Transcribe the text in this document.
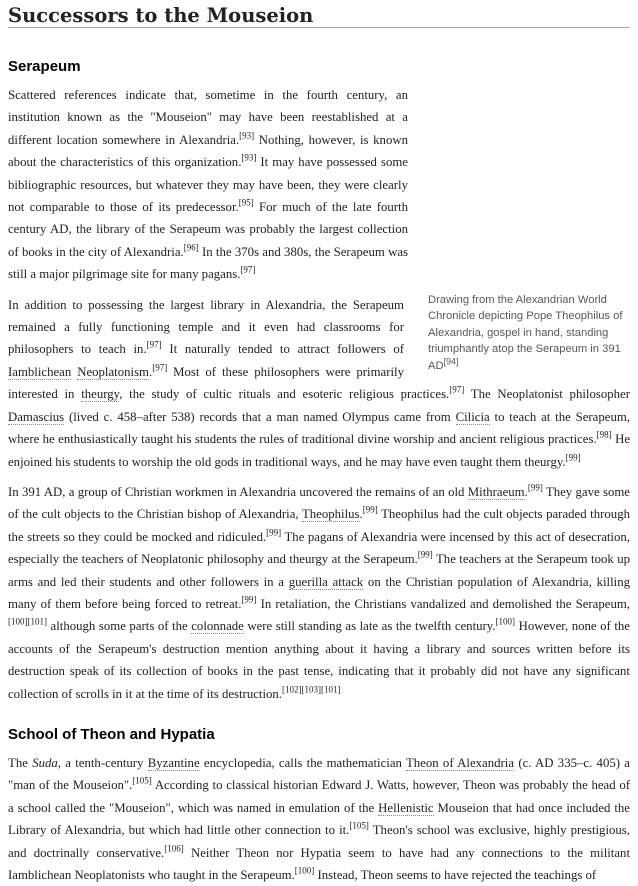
Successors to the Mouseion
Serapeum

Scattered references indicate that, sometime in the fourth century, an institution known as the "Mouseion" may have been reestablished at a different location somewhere in Alexandria.[93] Nothing, however, is known about the characteristics of this organization.[93] It may have possessed some bibliographic resources, but whatever they may have been, they were clearly not comparable to those of its predecessor.[95] For much of the late fourth century AD, the library of the Serapeum was probably the largest collection of books in the city of Alexandria.[96] In the 370s and 380s, the Serapeum was still a major pilgrimage site for many pagans.[97]

Drawing from the Alexandrian World Chronicle depicting Pope Theophilus of Alexandria, gospel in hand, standing triumphantly atop the Serapeum in 391 AD[94]

In addition to possessing the largest library in Alexandria, the Serapeum remained a fully functioning temple and it even had classrooms for philosophers to teach in.[97] It naturally tended to attract followers of Iamblichean Neoplatonism.[97] Most of these philosophers were primarily interested in theurgy, the study of cultic rituals and esoteric religious practices.[97] The Neoplatonist philosopher Damascius (lived c. 458–after 538) records that a man named Olympus came from Cilicia to teach at the Serapeum, where he enthusiastically taught his students the rules of traditional divine worship and ancient religious practices.[98] He enjoined his students to worship the old gods in traditional ways, and he may have even taught them theurgy.[99]

In 391 AD, a group of Christian workmen in Alexandria uncovered the remains of an old Mithraeum.[99] They gave some of the cult objects to the Christian bishop of Alexandria, Theophilus.[99] Theophilus had the cult objects paraded through the streets so they could be mocked and ridiculed.[99] The pagans of Alexandria were incensed by this act of desecration, especially the teachers of Neoplatonic philosophy and theurgy at the Serapeum.[99] The teachers at the Serapeum took up arms and led their students and other followers in a guerilla attack on the Christian population of Alexandria, killing many of them before being forced to retreat.[99] In retaliation, the Christians vandalized and demolished the Serapeum,[100][101] although some parts of the colonnade were still standing as late as the twelfth century.[100] However, none of the accounts of the Serapeum's destruction mention anything about it having a library and sources written before its destruction speak of its collection of books in the past tense, indicating that it probably did not have any significant collection of scrolls in it at the time of its destruction.[102][103][101]

School of Theon and Hypatia

The Suda, a tenth-century Byzantine encyclopedia, calls the mathematician Theon of Alexandria (c. AD 335–c. 405) a "man of the Mouseion".[105] According to classical historian Edward J. Watts, however, Theon was probably the head of a school called the "Mouseion", which was named in emulation of the Hellenistic Mouseion that had once included the Library of Alexandria, but which had little other connection to it.[105] Theon's school was exclusive, highly prestigious, and doctrinally conservative.[106] Neither Theon nor Hypatia seem to have had any connections to the militant Iamblichean Neoplatonists who taught in the Serapeum.[100] Instead, Theon seems to have rejected the teachings of
